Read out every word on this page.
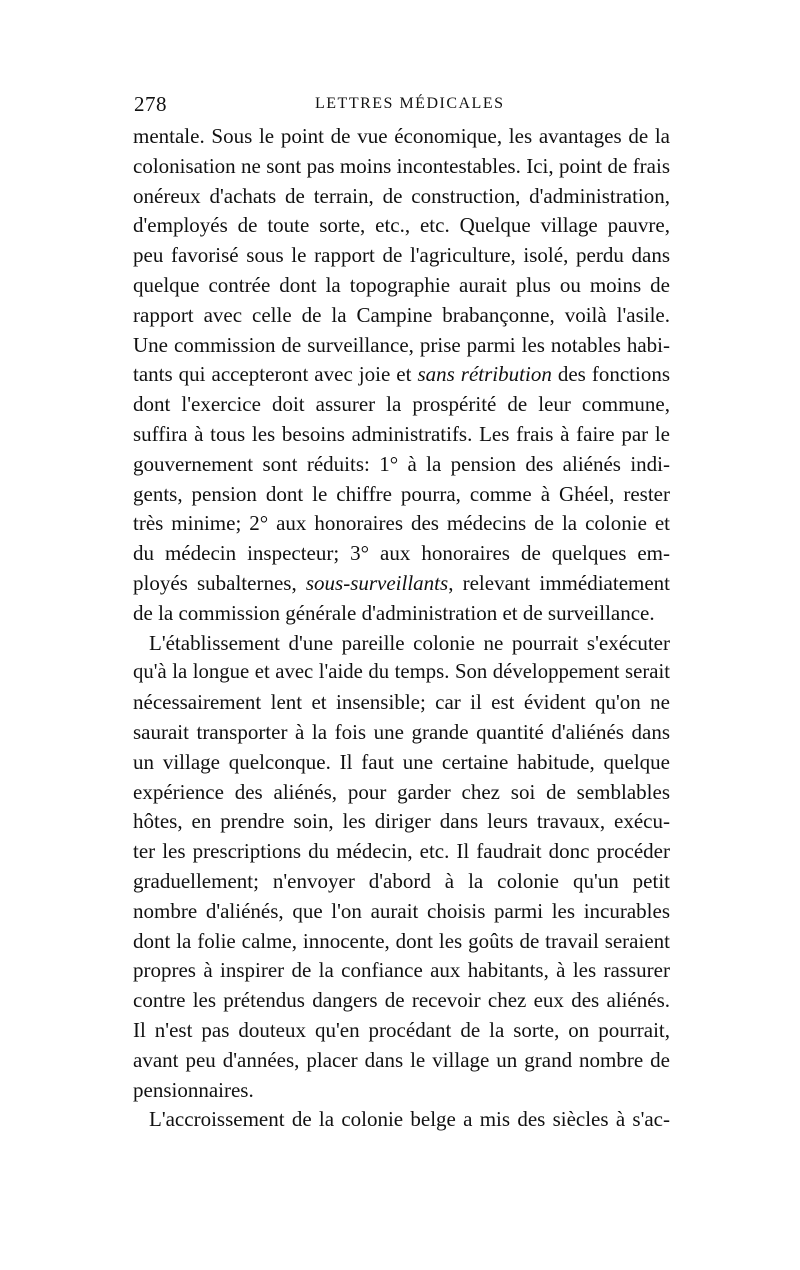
278	LETTRES MÉDICALES
mentale. Sous le point de vue économique, les avantages de la
colonisation ne sont pas moins incontestables. Ici, point de frais
onéreux d'achats de terrain, de construction, d'administration,
d'employés de toute sorte, etc., etc. Quelque village pauvre,
peu favorisé sous le rapport de l'agriculture, isolé, perdu dans
quelque contrée dont la topographie aurait plus ou moins de
rapport avec celle de la Campine brabançonne, voilà l'asile.
Une commission de surveillance, prise parmi les notables habi-
tants qui accepteront avec joie et sans rétribution des fonctions
dont l'exercice doit assurer la prospérité de leur commune,
suffira à tous les besoins administratifs. Les frais à faire par le
gouvernement sont réduits: 1° à la pension des aliénés indi-
gents, pension dont le chiffre pourra, comme à Ghéel, rester
très minime; 2° aux honoraires des médecins de la colonie et
du médecin inspecteur; 3° aux honoraires de quelques em-
ployés subalternes, sous-surveillants, relevant immédiatement
de la commission générale d'administration et de surveillance.
L'établissement d'une pareille colonie ne pourrait s'exécuter
qu'à la longue et avec l'aide du temps. Son développement serait
nécessairement lent et insensible; car il est évident qu'on ne
saurait transporter à la fois une grande quantité d'aliénés dans
un village quelconque. Il faut une certaine habitude, quelque
expérience des aliénés, pour garder chez soi de semblables
hôtes, en prendre soin, les diriger dans leurs travaux, exécu-
ter les prescriptions du médecin, etc. Il faudrait donc procéder
graduellement; n'envoyer d'abord à la colonie qu'un petit
nombre d'aliénés, que l'on aurait choisis parmi les incurables
dont la folie calme, innocente, dont les goûts de travail seraient
propres à inspirer de la confiance aux habitants, à les rassurer
contre les prétendus dangers de recevoir chez eux des aliénés.
Il n'est pas douteux qu'en procédant de la sorte, on pourrait,
avant peu d'années, placer dans le village un grand nombre de
pensionnaires.
L'accroissement de la colonie belge a mis des siècles à s'ac-
